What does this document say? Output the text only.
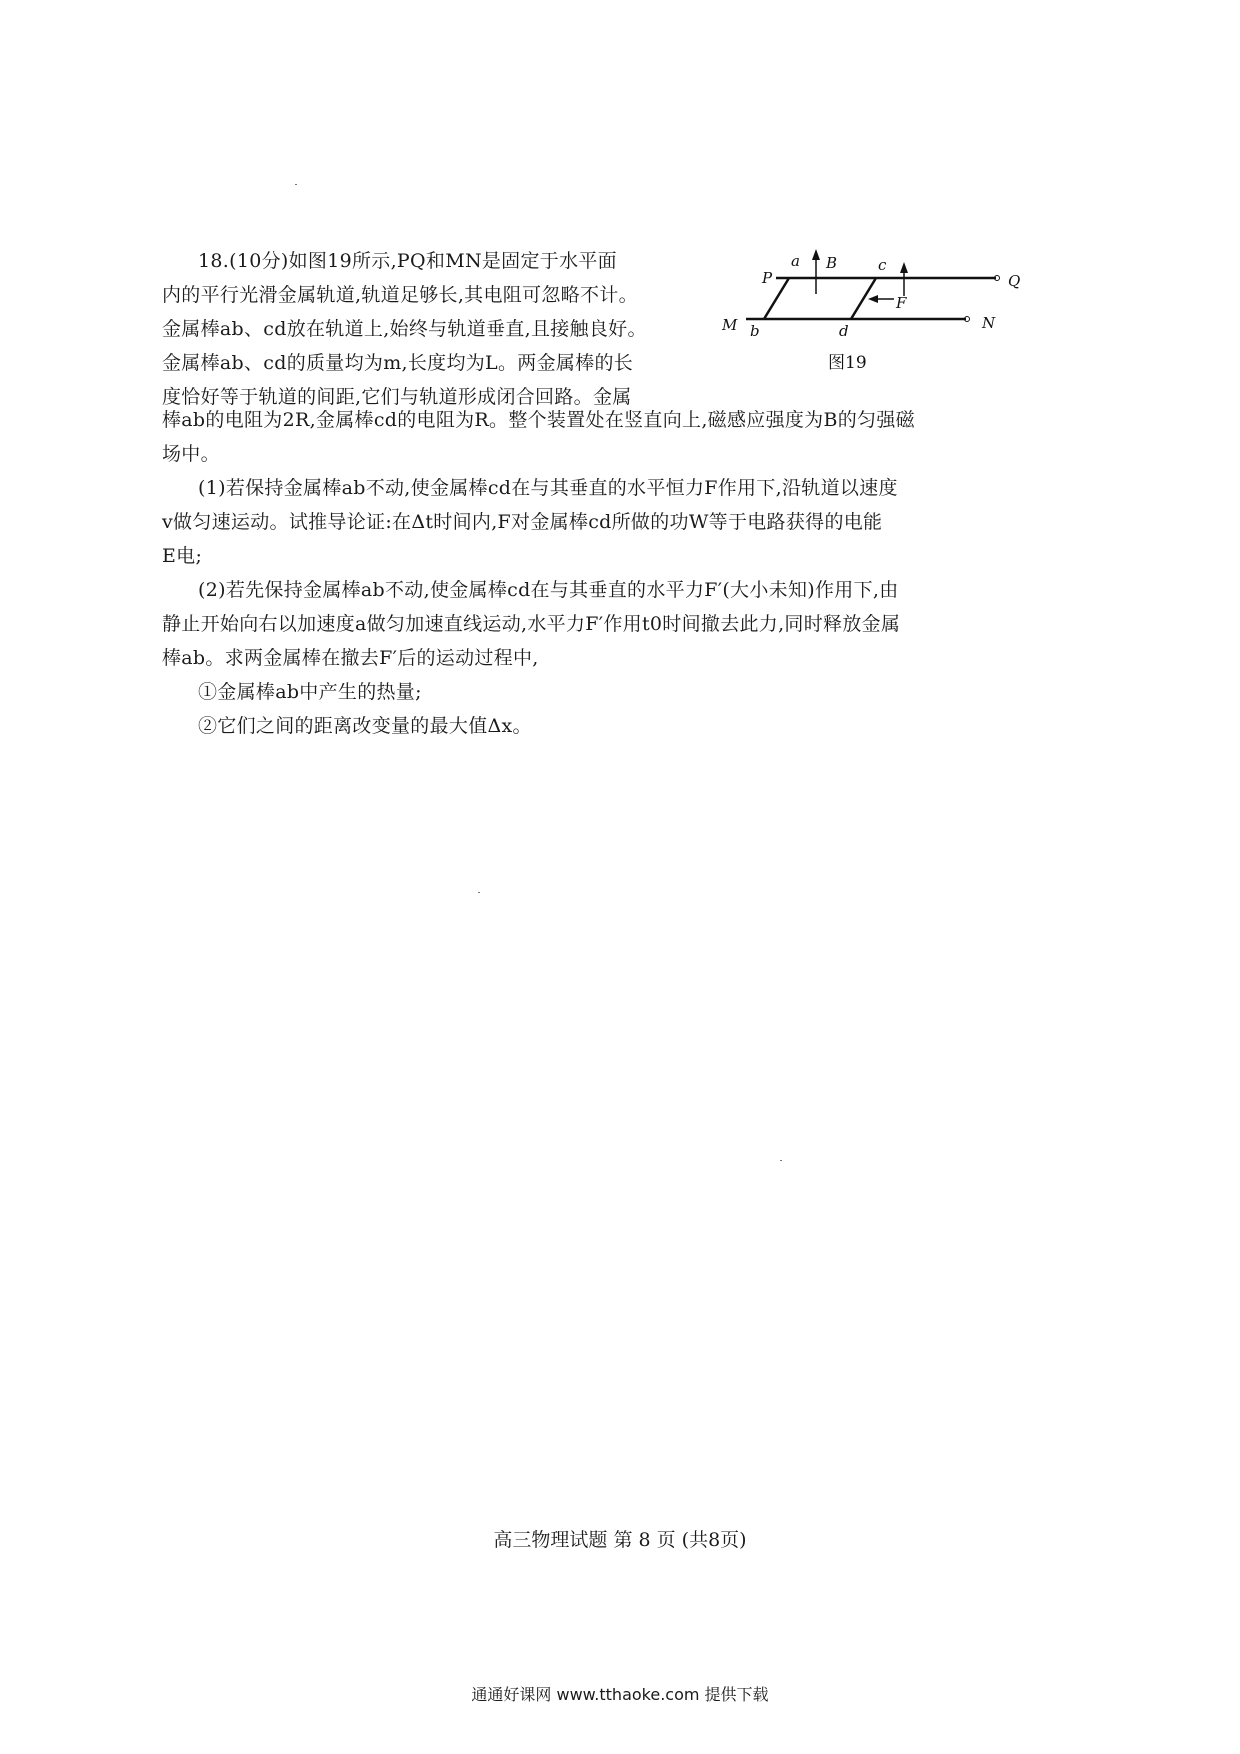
18.(10分)如图19所示,PQ和MN是固定于水平面
内的平行光滑金属轨道,轨道足够长,其电阻可忽略不计。
金属棒ab、cd放在轨道上,始终与轨道垂直,且接触良好。
金属棒ab、cd的质量均为m,长度均为L。两金属棒的长
度恰好等于轨道的间距,它们与轨道形成闭合回路。金属
棒ab的电阻为2R,金属棒cd的电阻为R。整个装置处在竖直向上,磁感应强度为B的匀强磁
场中。
(1)若保持金属棒ab不动,使金属棒cd在与其垂直的水平恒力F作用下,沿轨道以速度
v做匀速运动。试推导论证:在Δt时间内,F对金属棒cd所做的功W等于电路获得的电能
E电;
(2)若先保持金属棒ab不动,使金属棒cd在与其垂直的水平力F′(大小未知)作用下,由
静止开始向右以加速度a做匀加速直线运动,水平力F′作用t0时间撤去此力,同时释放金属
棒ab。求两金属棒在撤去F′后的运动过程中,
①金属棒ab中产生的热量;
②它们之间的距离改变量的最大值Δx。
P
a B	c
Q
F
M b	d	N
图19
高三物理试题 第 8 页 (共8页)
通通好课网 www.tthaoke.com 提供下载
